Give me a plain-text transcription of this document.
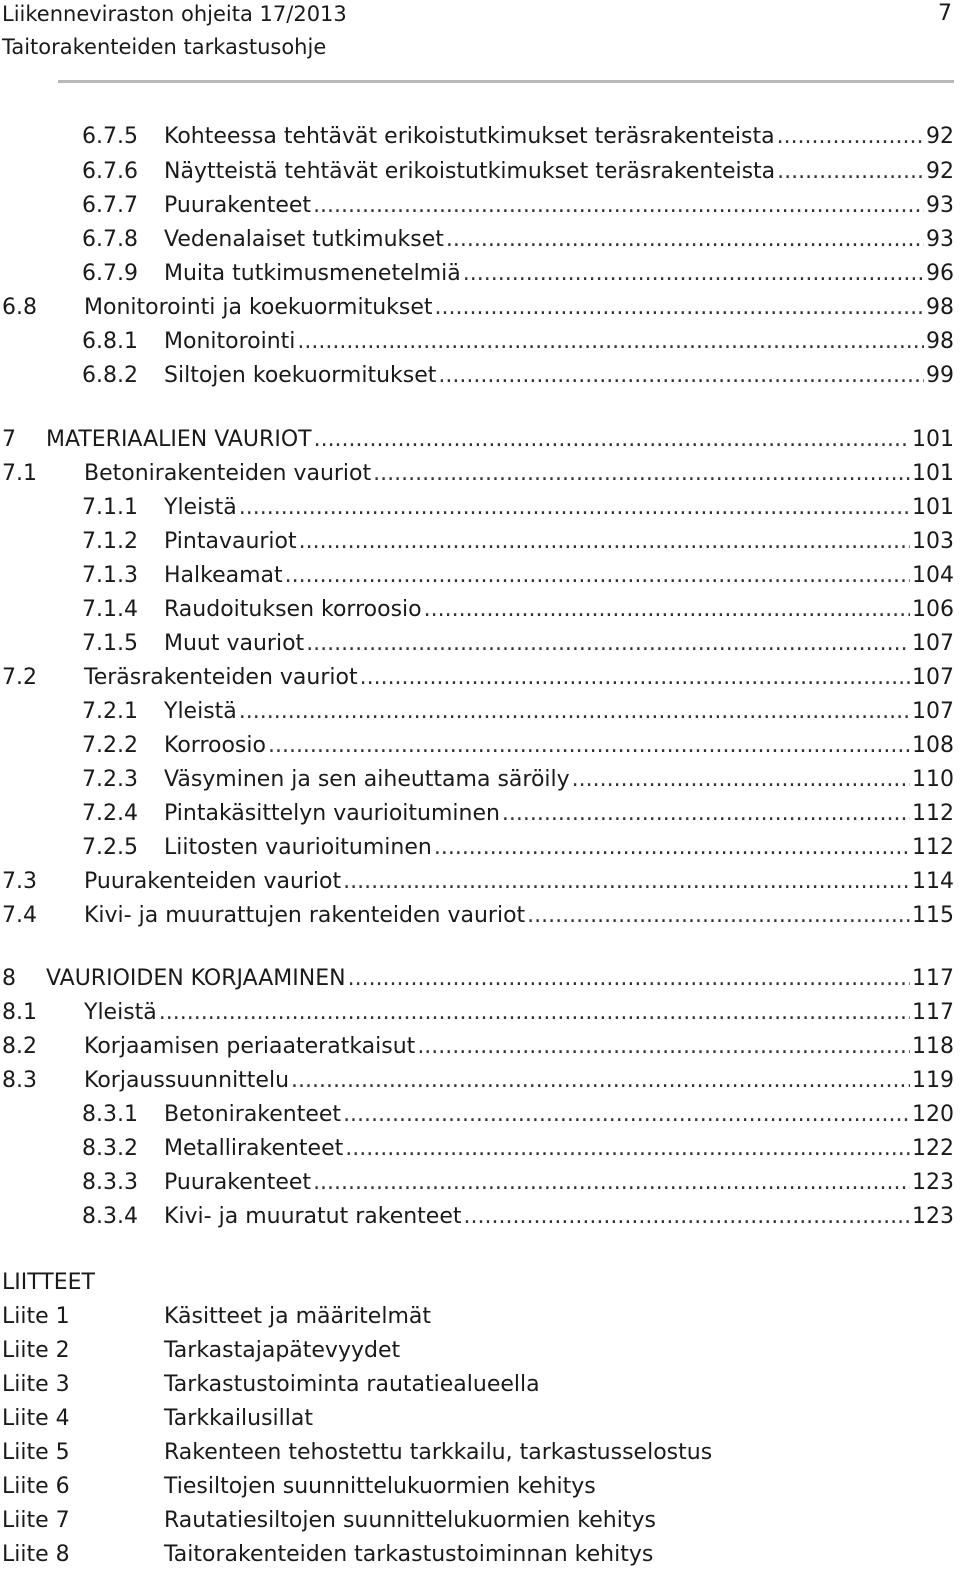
Liikenneviraston ohjeita 17/2013
Taitorakenteiden tarkastusohje
7
6.7.5	Kohteessa tehtävät erikoistutkimukset teräsrakenteista .....	92
6.7.6	Näytteistä tehtävät erikoistutkimukset teräsrakenteista .....	92
6.7.7	Puurakenteet .....	93
6.7.8	Vedenalaiset tutkimukset .....	93
6.7.9	Muita tutkimusmenetelmiä .....	96
6.8	Monitorointi ja koekuormitukset .....	98
6.8.1	Monitorointi .....	98
6.8.2	Siltojen koekuormitukset .....	99
7	MATERIAALIEN VAURIOT .....	101
7.1	Betonirakenteiden vauriot .....	101
7.1.1	Yleistä .....	101
7.1.2	Pintavauriot .....	103
7.1.3	Halkeamat .....	104
7.1.4	Raudoituksen korroosio .....	106
7.1.5	Muut vauriot .....	107
7.2	Teräsrakenteiden vauriot .....	107
7.2.1	Yleistä .....	107
7.2.2	Korroosio .....	108
7.2.3	Väsyminen ja sen aiheuttama säröily .....	110
7.2.4	Pintakäsittelyn vaurioituminen .....	112
7.2.5	Liitosten vaurioituminen .....	112
7.3	Puurakenteiden vauriot .....	114
7.4	Kivi- ja muurattujen rakenteiden vauriot .....	115
8	VAURIOIDEN KORJAAMINEN .....	117
8.1	Yleistä .....	117
8.2	Korjaamisen periaateratkaisut .....	118
8.3	Korjaussuunnittelu .....	119
8.3.1	Betonirakenteet .....	120
8.3.2	Metallirakenteet .....	122
8.3.3	Puurakenteet .....	123
8.3.4	Kivi- ja muuratut rakenteet .....	123
LIITTEET
Liite 1	Käsitteet ja määritelmät
Liite 2	Tarkastajapätevyydet
Liite 3	Tarkastustoiminta rautatiealueella
Liite 4	Tarkkailusillat
Liite 5	Rakenteen tehostettu tarkkailu, tarkastusselostus
Liite 6	Tiesiltojen suunnittelukuormien kehitys
Liite 7	Rautatiesiltojen suunnittelukuormien kehitys
Liite 8	Taitorakenteiden tarkastustoiminnan kehitys
